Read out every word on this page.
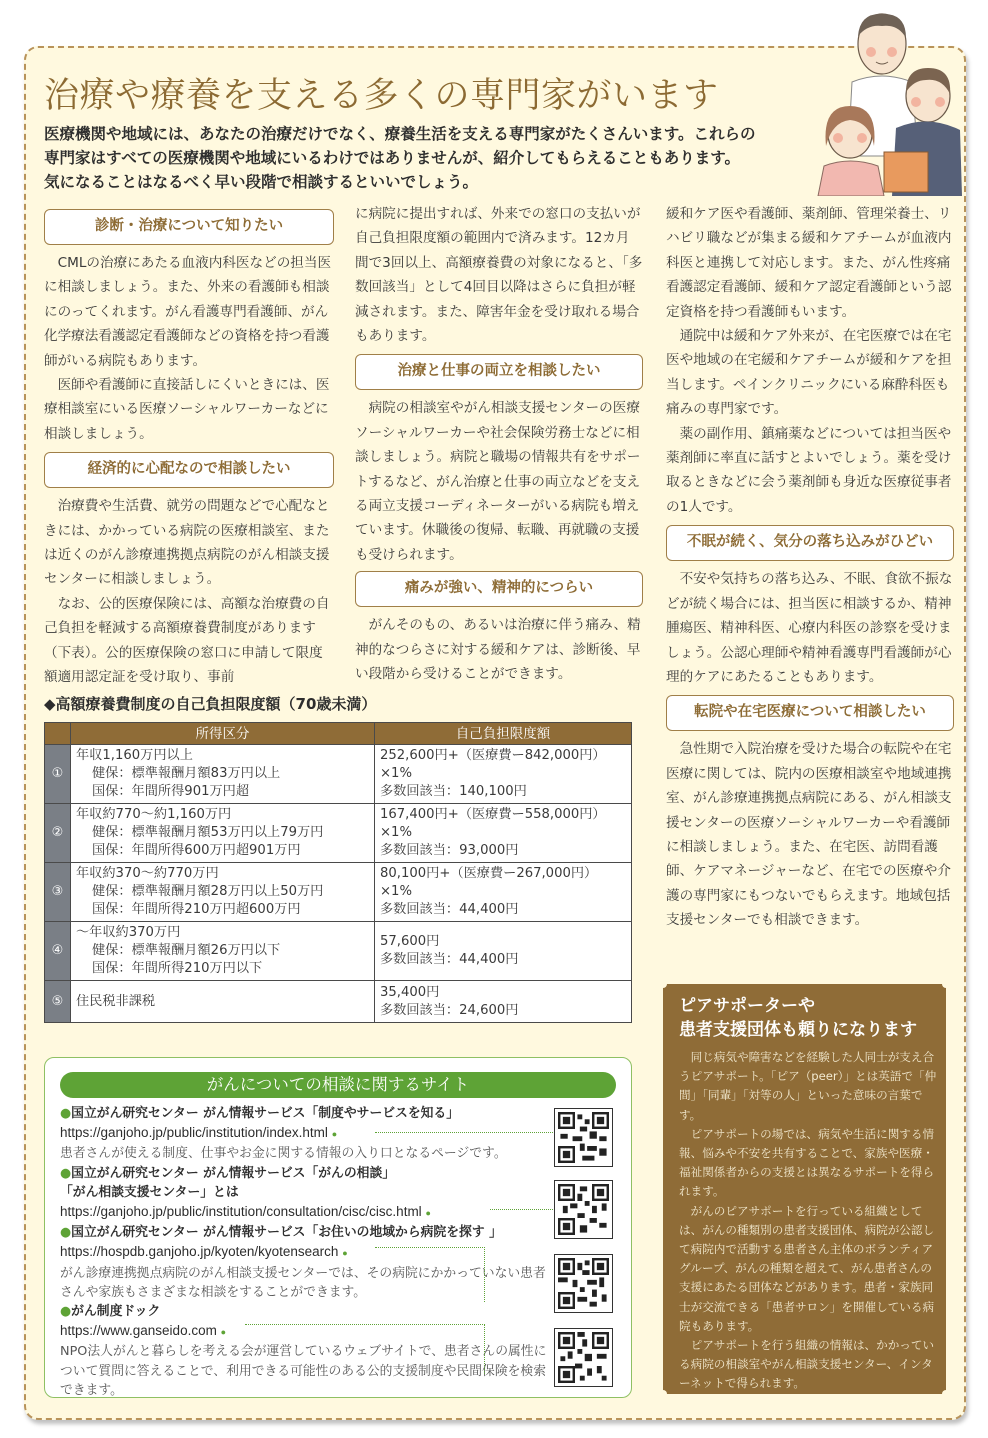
治療や療養を支える多くの専門家がいます
医療機関や地域には、あなたの治療だけでなく、療養生活を支える専門家がたくさんいます。これらの
専門家はすべての医療機関や地域にいるわけではありませんが、紹介してもらえることもあります。
気になることはなるべく早い段階で相談するといいでしょう。
診断・治療について知りたい

CMLの治療にあたる血液内科医などの担当医に相談しましょう。また、外来の看護師も相談にのってくれます。がん看護専門看護師、がん化学療法看護認定看護師などの資格を持つ看護師がいる病院もあります。

医師や看護師に直接話しにくいときには、医療相談室にいる医療ソーシャルワーカーなどに相談しましょう。

経済的に心配なので相談したい

治療費や生活費、就労の問題などで心配なときには、かかっている病院の医療相談室、または近くのがん診療連携拠点病院のがん相談支援センターに相談しましょう。

なお、公的医療保険には、高額な治療費の自己負担を軽減する高額療養費制度があります（下表）。公的医療保険の窓口に申請して限度額適用認定証を受け取り、事前

に病院に提出すれば、外来での窓口の支払いが自己負担限度額の範囲内で済みます。12カ月間で3回以上、高額療養費の対象になると、「多数回該当」として4回目以降はさらに負担が軽減されます。また、障害年金を受け取れる場合もあります。

治療と仕事の両立を相談したい

病院の相談室やがん相談支援センターの医療ソーシャルワーカーや社会保険労務士などに相談しましょう。病院と職場の情報共有をサポートするなど、がん治療と仕事の両立などを支える両立支援コーディネーターがいる病院も増えています。休職後の復帰、転職、再就職の支援も受けられます。

痛みが強い、精神的につらい

がんそのもの、あるいは治療に伴う痛み、精神的なつらさに対する緩和ケアは、診断後、早い段階から受けることができます。

緩和ケア医や看護師、薬剤師、管理栄養士、リハビリ職などが集まる緩和ケアチームが血液内科医と連携して対応します。また、がん性疼痛看護認定看護師、緩和ケア認定看護師という認定資格を持つ看護師もいます。

通院中は緩和ケア外来が、在宅医療では在宅医や地域の在宅緩和ケアチームが緩和ケアを担当します。ペインクリニックにいる麻酔科医も痛みの専門家です。

薬の副作用、鎮痛薬などについては担当医や薬剤師に率直に話すとよいでしょう。薬を受け取るときなどに会う薬剤師も身近な医療従事者の1人です。

不眠が続く、気分の落ち込みがひどい

不安や気持ちの落ち込み、不眠、食欲不振などが続く場合には、担当医に相談するか、精神腫瘍医、精神科医、心療内科医の診察を受けましょう。公認心理師や精神看護専門看護師が心理的ケアにあたることもあります。

転院や在宅医療について相談したい

急性期で入院治療を受けた場合の転院や在宅医療に関しては、院内の医療相談室や地域連携室、がん診療連携拠点病院にある、がん相談支援センターの医療ソーシャルワーカーや看護師に相談しましょう。また、在宅医、訪問看護師、ケアマネージャーなど、在宅での医療や介護の専門家にもつないでもらえます。地域包括支援センターでも相談できます。

◆高額療養費制度の自己負担限度額（70歳未満）
	所得区分	自己負担限度額
①	年収1,160万円以上
健保：標準報酬月額83万円以上
国保：年間所得901万円超	252,600円+（医療費ー842,000円）
×1%
多数回該当：140,100円

②	年収約770～約1,160万円
健保：標準報酬月額53万円以上79万円
国保：年間所得600万円超901万円	167,400円+（医療費ー558,000円）
×1%
多数回該当：93,000円

③	年収約370～約770万円
健保：標準報酬月額28万円以上50万円
国保：年間所得210万円超600万円	80,100円+（医療費ー267,000円）
×1%
多数回該当：44,400円

④	～年収約370万円
健保：標準報酬月額26万円以下
国保：年間所得210万円以下	57,600円
多数回該当：44,400円

⑤	住民税非課税	35,400円
多数回該当：24,600円
がんについての相談に関するサイト
●国立がん研究センター がん情報サービス「制度やサービスを知る」
https://ganjoho.jp/public/institution/index.html ●
患者さんが使える制度、仕事やお金に関する情報の入り口となるページです。
●国立がん研究センター がん情報サービス「がんの相談」
「がん相談支援センター」とは
https://ganjoho.jp/public/institution/consultation/cisc/cisc.html ●
●国立がん研究センター がん情報サービス「お住いの地域から病院を探す 」
https://hospdb.ganjoho.jp/kyoten/kyotensearch ●
がん診療連携拠点病院のがん相談支援センターでは、その病院にかかっていない患者さんや家族もさまざまな相談をすることができます。
●がん制度ドック
https://www.ganseido.com ●
NPO法人がんと暮らしを考える会が運営しているウェブサイトで、患者さんの属性について質問に答えることで、利用できる可能性のある公的支援制度や民間保険を検索できます。
ピアサポーターや
患者支援団体も頼りになります

同じ病気や障害などを経験した人同士が支え合うピアサポート。「ピア（peer）」とは英語で「仲間」「同輩」「対等の人」といった意味の言葉です。

ピアサポートの場では、病気や生活に関する情報、悩みや不安を共有することで、家族や医療・福祉関係者からの支援とは異なるサポートを得られます。

がんのピアサポートを行っている組織としては、がんの種類別の患者支援団体、病院が公認して病院内で活動する患者さん主体のボランティアグループ、がんの種類を超えて、がん患者さんの支援にあたる団体などがあります。患者・家族同士が交流できる「患者サロン」を開催している病院もあります。

ピアサポートを行う組織の情報は、かかっている病院の相談室やがん相談支援センター、インターネットで得られます。
